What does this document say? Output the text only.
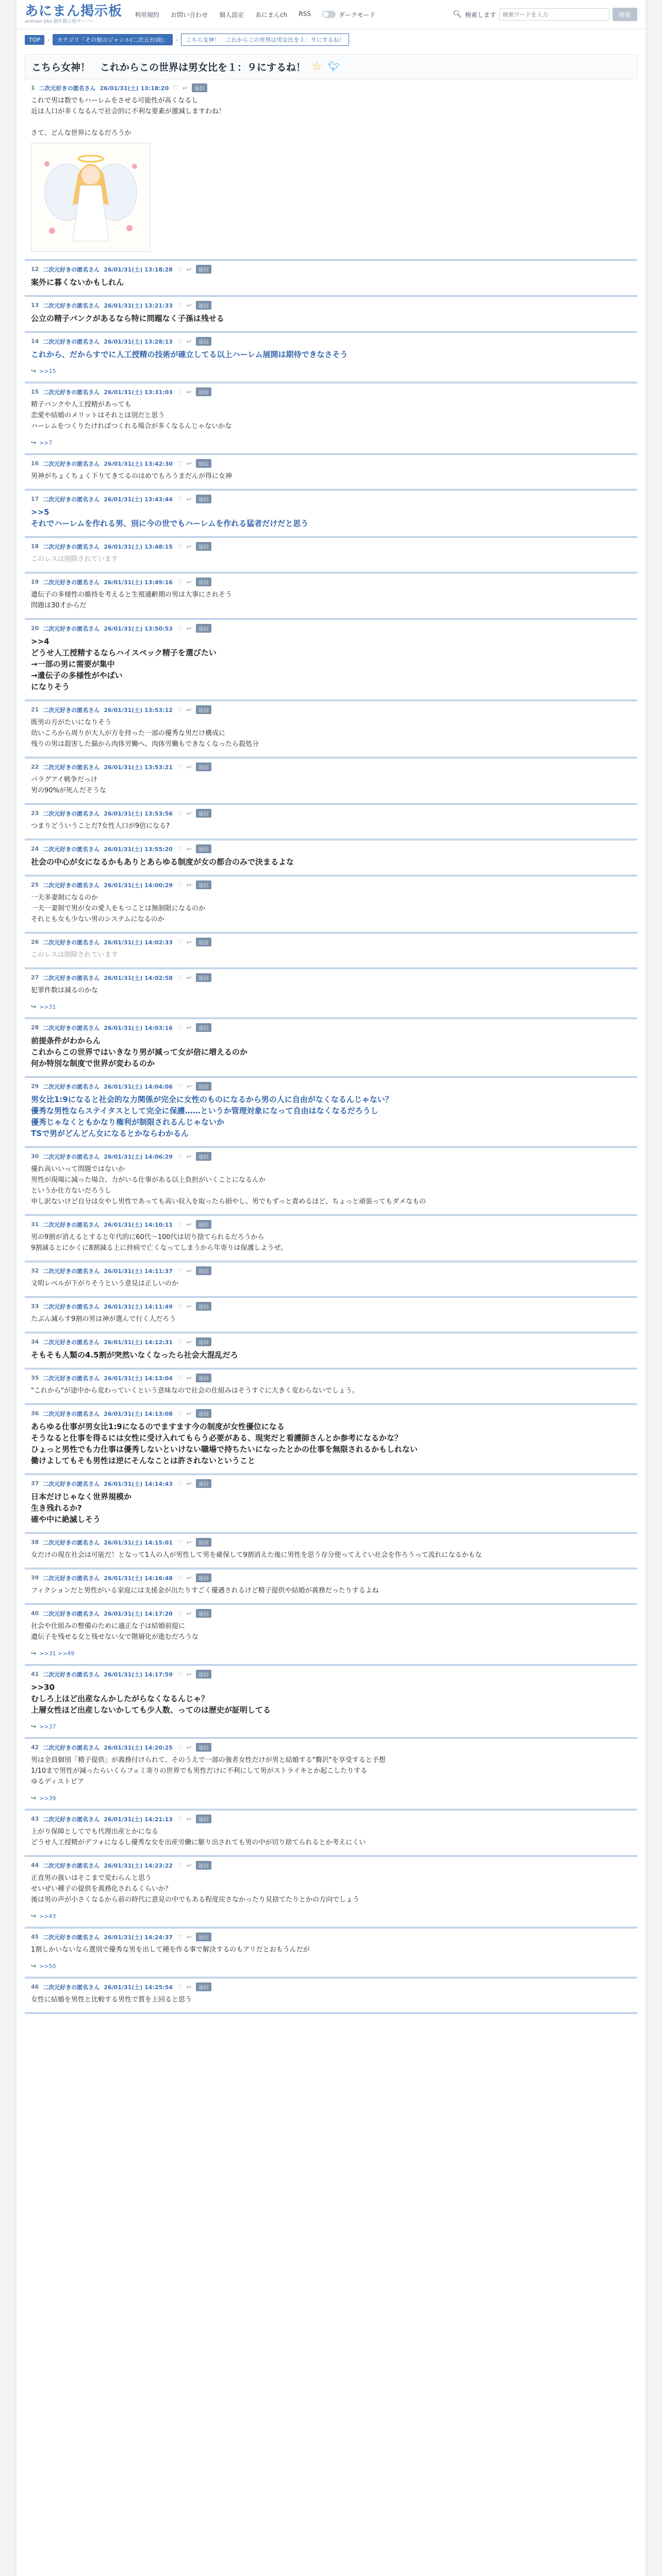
あにまん掲示板
animan bbs 創作掲示板サーバー
利用規約 お問い合わせ 個人設定 あにまんch RSS	ダークモード	🔍︎ 検索します
検索ワードを入力	検索
TOP	›	カテゴリ「その他のジャンル(二次元台詞)」	›	こちら女神！　これからこの世界は男女比を１：９にするね！
こちら女神！　これからこの世界は男女比を１：９にするね！ ☆ 🐦︎
1 二次元好きの匿名さん 26/01/31(土) 13:18:20 ♡ ↩	返信
これで男は数でもハーレムをさせる可能性が高くなるし
近は人口が多くなるんで社会的に不利な要素が激減しますわね！

さて、どんな世界になるだろうか
12 二次元好きの匿名さん 26/01/31(土) 13:18:28 ♡ ↩	返信
案外に暮くないかもしれん
13 二次元好きの匿名さん 26/01/31(土) 13:21:33 ♡ ↩	返信
公立の精子バンクがあるなら特に問題なく子孫は残せる
14 二次元好きの匿名さん 26/01/31(土) 13:28:13 ♡ ↩	返信
これから、だからすでに人工授精の技術が確立してる以上ハーレム展開は期待できなさそう
↪ >>15
15 二次元好きの匿名さん 26/01/31(土) 13:31:03 ♡ ↩	返信
精子バンクや人工授精があっても
恋愛や結婚のメリットはそれとは別だと思う
ハーレムをつくりたければつくれる場合が多くなるんじゃないかな
↪ >>7
16 二次元好きの匿名さん 26/01/31(土) 13:42:30 ♡ ↩	返信
男神がちょくちょく下りてきてるのはめでもろうまだんが得に女神
17 二次元好きの匿名さん 26/01/31(土) 13:43:44 ♡ ↩	返信
>>5
それでハーレムを作れる男、別に今の世でもハーレムを作れる猛者だけだと思う
18 二次元好きの匿名さん 26/01/31(土) 13:48:15 ♡ ↩	返信
このレスは削除されています
19 二次元好きの匿名さん 26/01/31(土) 13:49:16 ♡ ↩	返信
遺伝子の多様性の維持を考えると生殖適齢期の男は大事にされそう
問題は30才からだ
20 二次元好きの匿名さん 26/01/31(土) 13:50:53 ♡ ↩	返信
>>4
どうせ人工授精するならハイスペック精子を選びたい
→一部の男に需要が集中
→遺伝子の多様性がやばい
になりそう
21 二次元好きの匿名さん 26/01/31(土) 13:53:12 ♡ ↩	返信
既男の方がたいになりそう
幼いころから周りが大人が方を持った一部の優秀な男だけ構成に
残りの男は殺害した猫から肉体労働へ、肉体労働もできなくなったら殺処分
22 二次元好きの匿名さん 26/01/31(土) 13:53:21 ♡ ↩	返信
パラグアイ戦争だっけ
男の90%が死んだそうな
23 二次元好きの匿名さん 26/01/31(土) 13:53:56 ♡ ↩	返信
つまりどういうことだ?女性人口が9倍になる?
24 二次元好きの匿名さん 26/01/31(土) 13:55:20 ♡ ↩	返信
社会の中心が女になるかもありとあらゆる制度が女の都合のみで決まるよな
25 二次元好きの匿名さん 26/01/31(土) 14:00:29 ♡ ↩	返信
一夫多妻制になるのか
一夫一妻制で男が女の愛人をもつことは無制限になるのか
それとも女も少ない男のシステムになるのか
26 二次元好きの匿名さん 26/01/31(土) 14:02:33 ♡ ↩	返信
このレスは削除されています
27 二次元好きの匿名さん 26/01/31(土) 14:02:58 ♡ ↩	返信
犯罪件数は減るのかな
↪ >>31
28 二次元好きの匿名さん 26/01/31(土) 14:03:16 ♡ ↩	返信
前提条件がわからん
これからこの世界ではいきなり男が減って女が倍に増えるのか
何か特別な制度で世界が変わるのか
29 二次元好きの匿名さん 26/01/31(土) 14:04:06 ♡ ↩	返信
男女比1:9になると社会的な力関係が完全に女性のものになるから男の人に自由がなくなるんじゃない？
優秀な男性ならステイタスとして完全に保護……というか管理対象になって自由はなくなるだろうし
優秀じゃなくともかなり権利が制限されるんじゃないか
TSで男がどんどん女になるとかならわかるん
30 二次元好きの匿名さん 26/01/31(土) 14:06:29 ♡ ↩	返信
優れ高いいって問題ではないか
男性が現場に減った場合、力がいる仕事がある以上負担がいくことになるんか
というか仕方ないだろうし
申し訳ないけど自分は女やし男性であっても高い収入を取ったら損やし、男でもずっと責めるほど、ちょっと頑張ってもダメなもの
31 二次元好きの匿名さん 26/01/31(土) 14:10:11 ♡ ↩	返信
男の9割が消えるとすると年代的に60代〜100代は切り捨てられるだろうから
9割減るとにかくに8割減る上に持病で亡くなってしまうから年寄りは保護しようぜ。
32 二次元好きの匿名さん 26/01/31(土) 14:11:37 ♡ ↩	返信
文明レベルが下がりそうという意見は正しいのか
33 二次元好きの匿名さん 26/01/31(土) 14:11:49 ♡ ↩	返信
たぶん減らす9割の男は神が選んで行く人だろう
34 二次元好きの匿名さん 26/01/31(土) 14:12:31 ♡ ↩	返信
そもそも人類の4.5割が突然いなくなったら社会大混乱だろ
35 二次元好きの匿名さん 26/01/31(土) 14:13:04 ♡ ↩	返信
"これから"が途中から変わっていくという意味なので社会の仕組みはそうすぐに大きく変わらないでしょう。
36 二次元好きの匿名さん 26/01/31(土) 14:13:08 ♡ ↩	返信
あらゆる仕事が男女比1:9になるのでますます今の制度が女性優位になる
そうなると仕事を得るには女性に受け入れてもらう必要がある、現実だと看護師さんとか参考になるかな？
ひょっと男性でも力仕事は優秀しないといけない職場で持ちたいになったとかの仕事を無限されるかもしれない
働けよしてもそも男性は逆にそんなことは許されないということ
37 二次元好きの匿名さん 26/01/31(土) 14:14:43 ♡ ↩	返信
日本だけじゃなく世界規模か
生き残れるか?
確や中に絶滅しそう
38 二次元好きの匿名さん 26/01/31(土) 14:15:01 ♡ ↩	返信
女だけの現在社会は可能だ！となって1人の人が男性して男を確保して9割消えた後に男性を思う存分使ってえぐい社会を作ろうって流れになるかもな
39 二次元好きの匿名さん 26/01/31(土) 14:16:48 ♡ ↩	返信
フィクションだと男性がいる家庭には支援金が出たりすごく優遇されるけど精子提供や結婚が義務だったりするよね
40 二次元好きの匿名さん 26/01/31(土) 14:17:20 ♡ ↩	返信
社会や仕組みの整備のために適正な子は結婚前提に
遺伝子を残せる女と残せない女で階層化が進むだろうな
↪ >>31 >>49
41 二次元好きの匿名さん 26/01/31(土) 14:17:59 ♡ ↩	返信
>>30
むしろ上ほど出産なんかしたがらなくなるんじゃ？
上層女性ほど出産しないかしても少人数、ってのは歴史が証明してる
↪ >>37
42 二次元好きの匿名さん 26/01/31(土) 14:20:25 ♡ ↩	返信
男は全員個別「精子提供」が義務付けられて、そのうえで一部の強者女性だけが男と結婚する"贅沢"を享受すると予想
1/10まで男性が減ったらいくらフェミ寄りの世界でも男性だけに不利にして男がストライキとか起こしたりする
ゆるディストピア
↪ >>39
43 二次元好きの匿名さん 26/01/31(土) 14:21:13 ♡ ↩	返信
上がり保障としてでも代理出産とかになる
どうせ人工授精がデフォになるし優秀な女を出産労働に駆り出されても男の中が切り捨てられるとか考えにくい
44 二次元好きの匿名さん 26/01/31(土) 14:23:22 ♡ ↩	返信
正直男の扱いはそこまで変わらんと思う
せいぜい種子の提供を義務化されるくらいか？
後は男の声が小さくなるから前の時代に意見の中でもある程度戻さなかったり見捨てたりとかの方向でしょう
↪ >>43
45 二次元好きの匿名さん 26/01/31(土) 14:24:37 ♡ ↩	返信
1割しかいないなら選別で優秀な男を出して種を作る事で解決するのもアリだとおもうんだが
↪ >>50
46 二次元好きの匿名さん 26/01/31(土) 14:25:54 ♡ ↩	返信
女性に結婚を男性と比較する男性で質を上回ると思う
